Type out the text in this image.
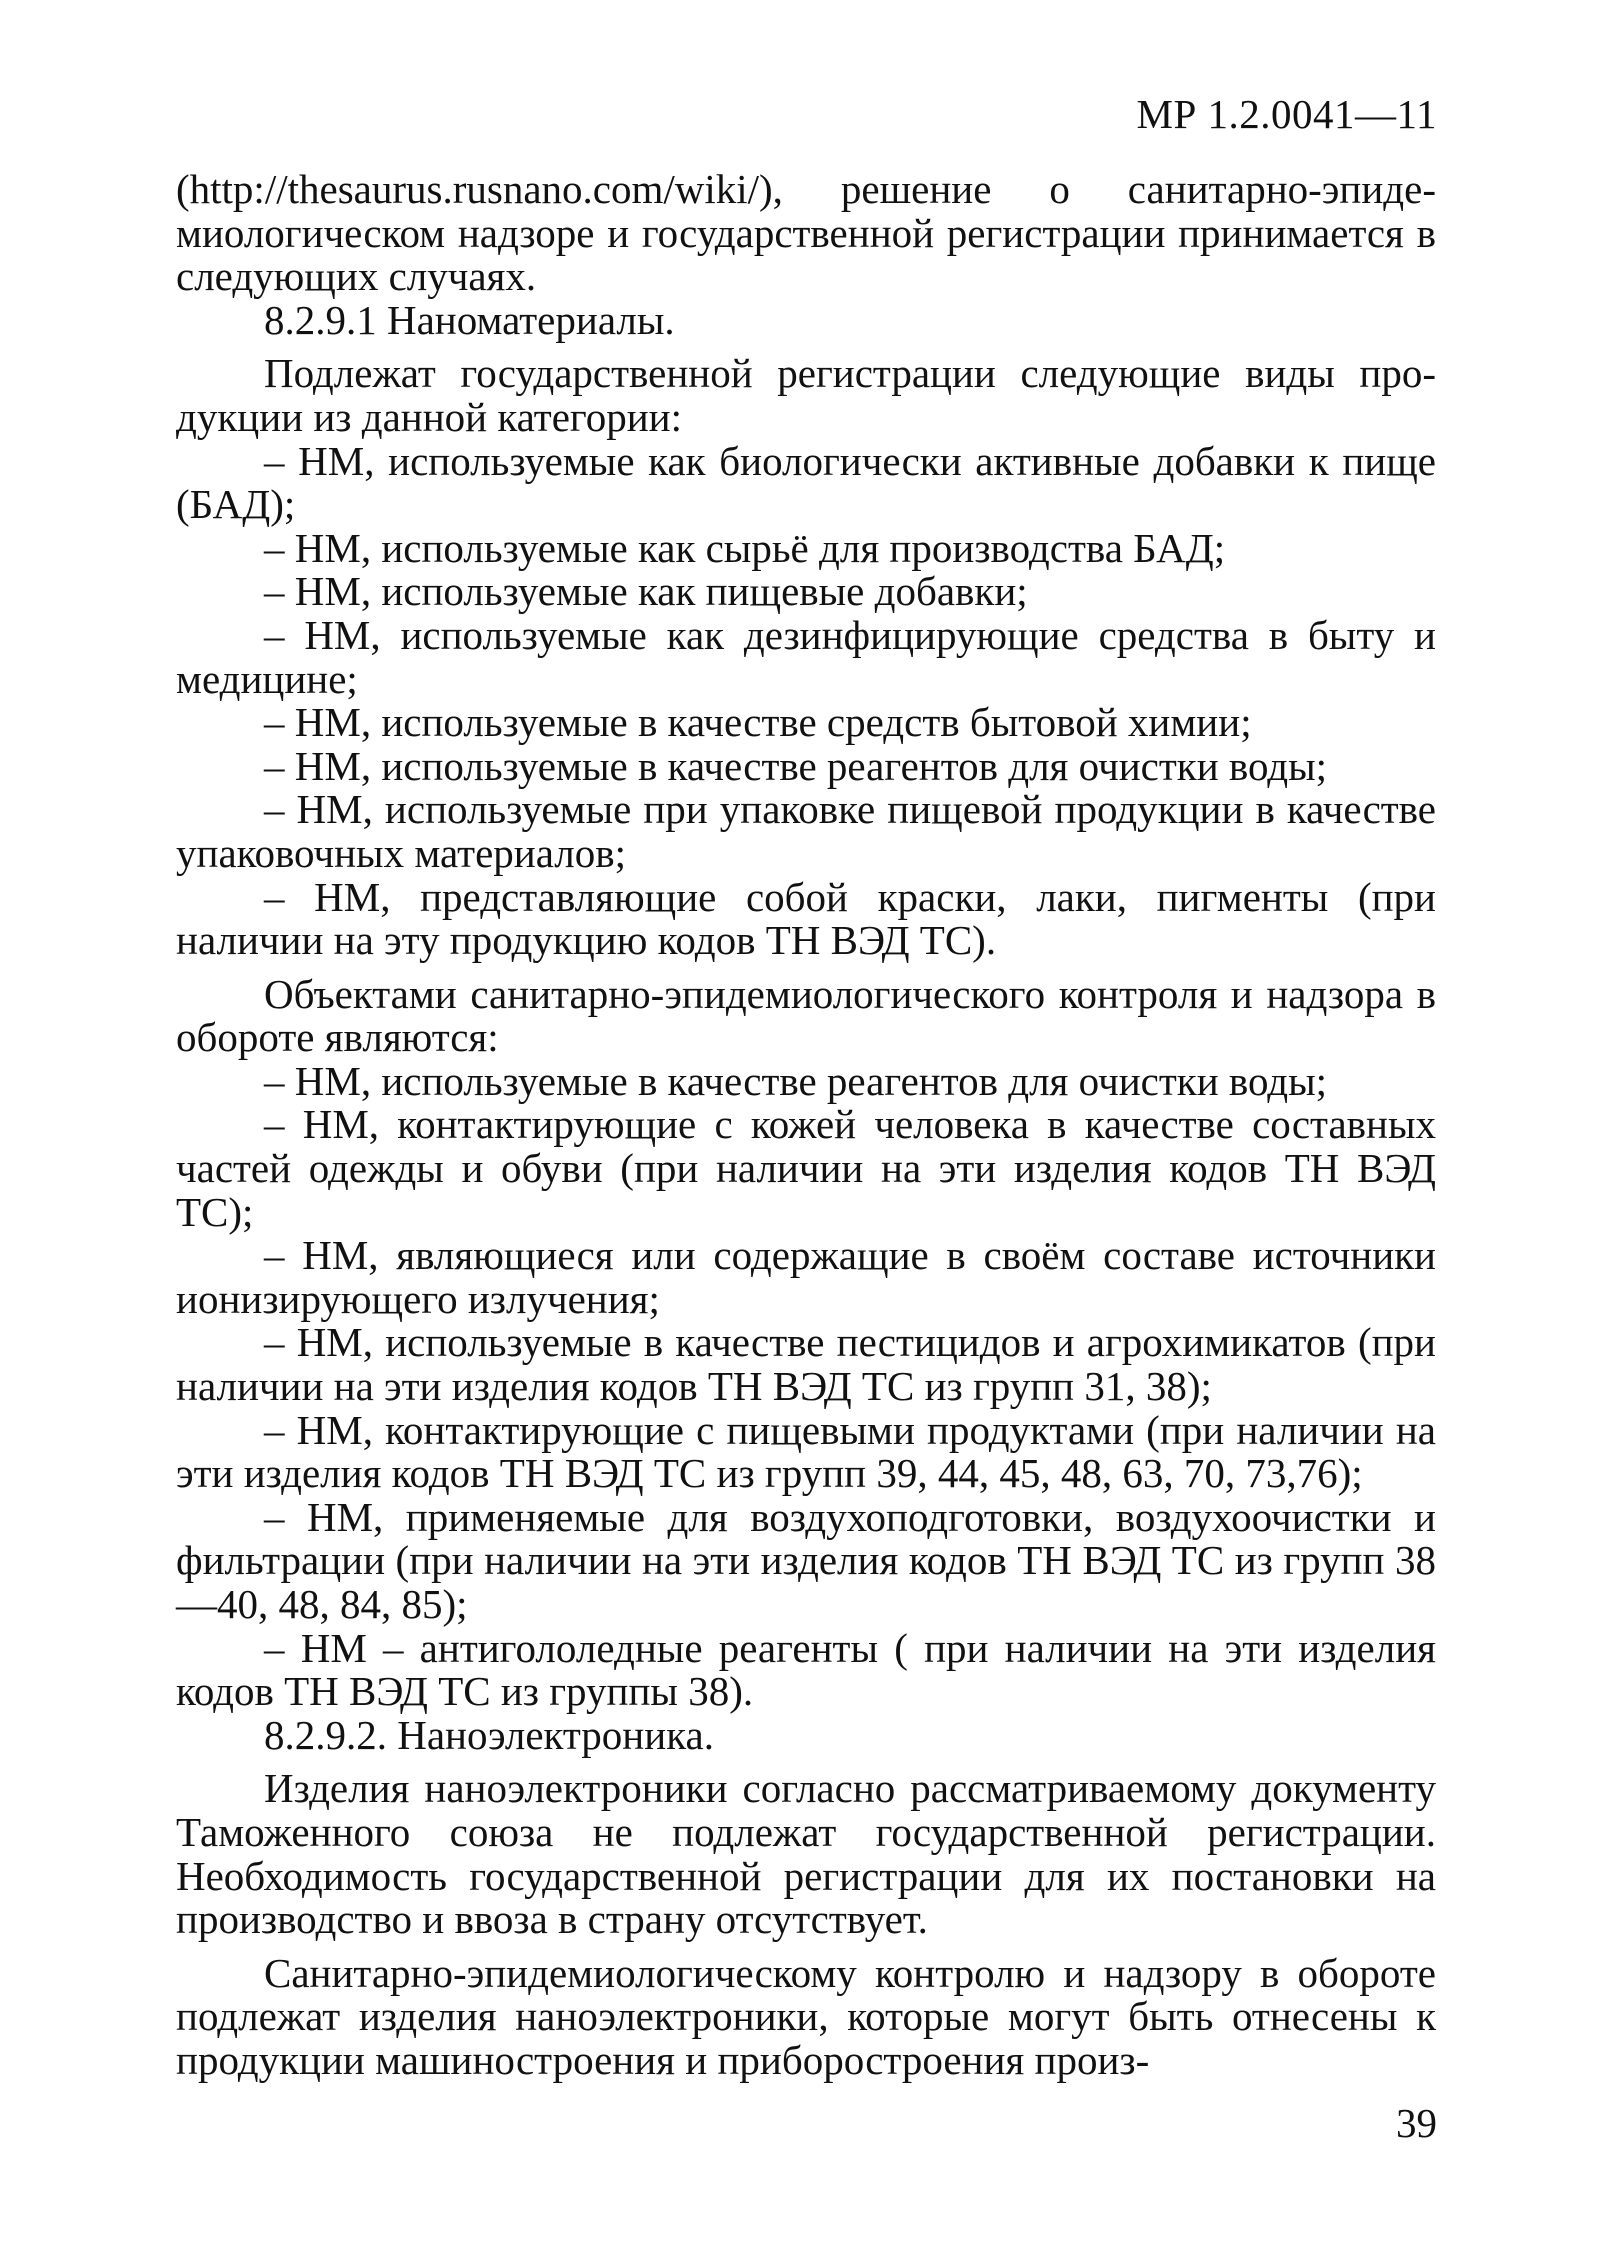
МР 1.2.0041—11

(http://thesaurus.rusnano.com/wiki/), решение о санитарно-эпидемиологическом надзоре и государственной регистрации принимается в следующих случаях.

8.2.9.1 Наноматериалы.

Подлежат государственной регистрации следующие виды продукции из данной категории:

– НМ, используемые как биологически активные добавки к пище (БАД);

– НМ, используемые как сырьё для производства БАД;

– НМ, используемые как пищевые добавки;

– НМ, используемые как дезинфицирующие средства в быту и медицине;

– НМ, используемые в качестве средств бытовой химии;

– НМ, используемые в качестве реагентов для очистки воды;

– НМ, используемые при упаковке пищевой продукции в качестве упаковочных материалов;

– НМ, представляющие собой краски, лаки, пигменты (при наличии на эту продукцию кодов ТН ВЭД ТС).

Объектами санитарно-эпидемиологического контроля и надзора в обороте являются:

– НМ, используемые в качестве реагентов для очистки воды;

– НМ, контактирующие с кожей человека в качестве составных частей одежды и обуви (при наличии на эти изделия кодов ТН ВЭД ТС);

– НМ, являющиеся или содержащие в своём составе источники ионизирующего излучения;

– НМ, используемые в качестве пестицидов и агрохимикатов (при наличии на эти изделия кодов ТН ВЭД ТС из групп 31, 38);

– НМ, контактирующие с пищевыми продуктами (при наличии на эти изделия кодов ТН ВЭД ТС из групп 39, 44, 45, 48, 63, 70, 73,76);

– НМ, применяемые для воздухоподготовки, воздухоочистки и фильтрации (при наличии на эти изделия кодов ТН ВЭД ТС из групп 38—40, 48, 84, 85);

– НМ – антигололедные реагенты ( при наличии на эти изделия кодов ТН ВЭД ТС из группы 38).

8.2.9.2. Наноэлектроника.

Изделия наноэлектроники согласно рассматриваемому документу Таможенного союза не подлежат государственной регистрации. Необходимость государственной регистрации для их постановки на производство и ввоза в страну отсутствует.

Санитарно-эпидемиологическому контролю и надзору в обороте подлежат изделия наноэлектроники, которые могут быть отнесены к продукции машиностроения и приборостроения произ-

39
